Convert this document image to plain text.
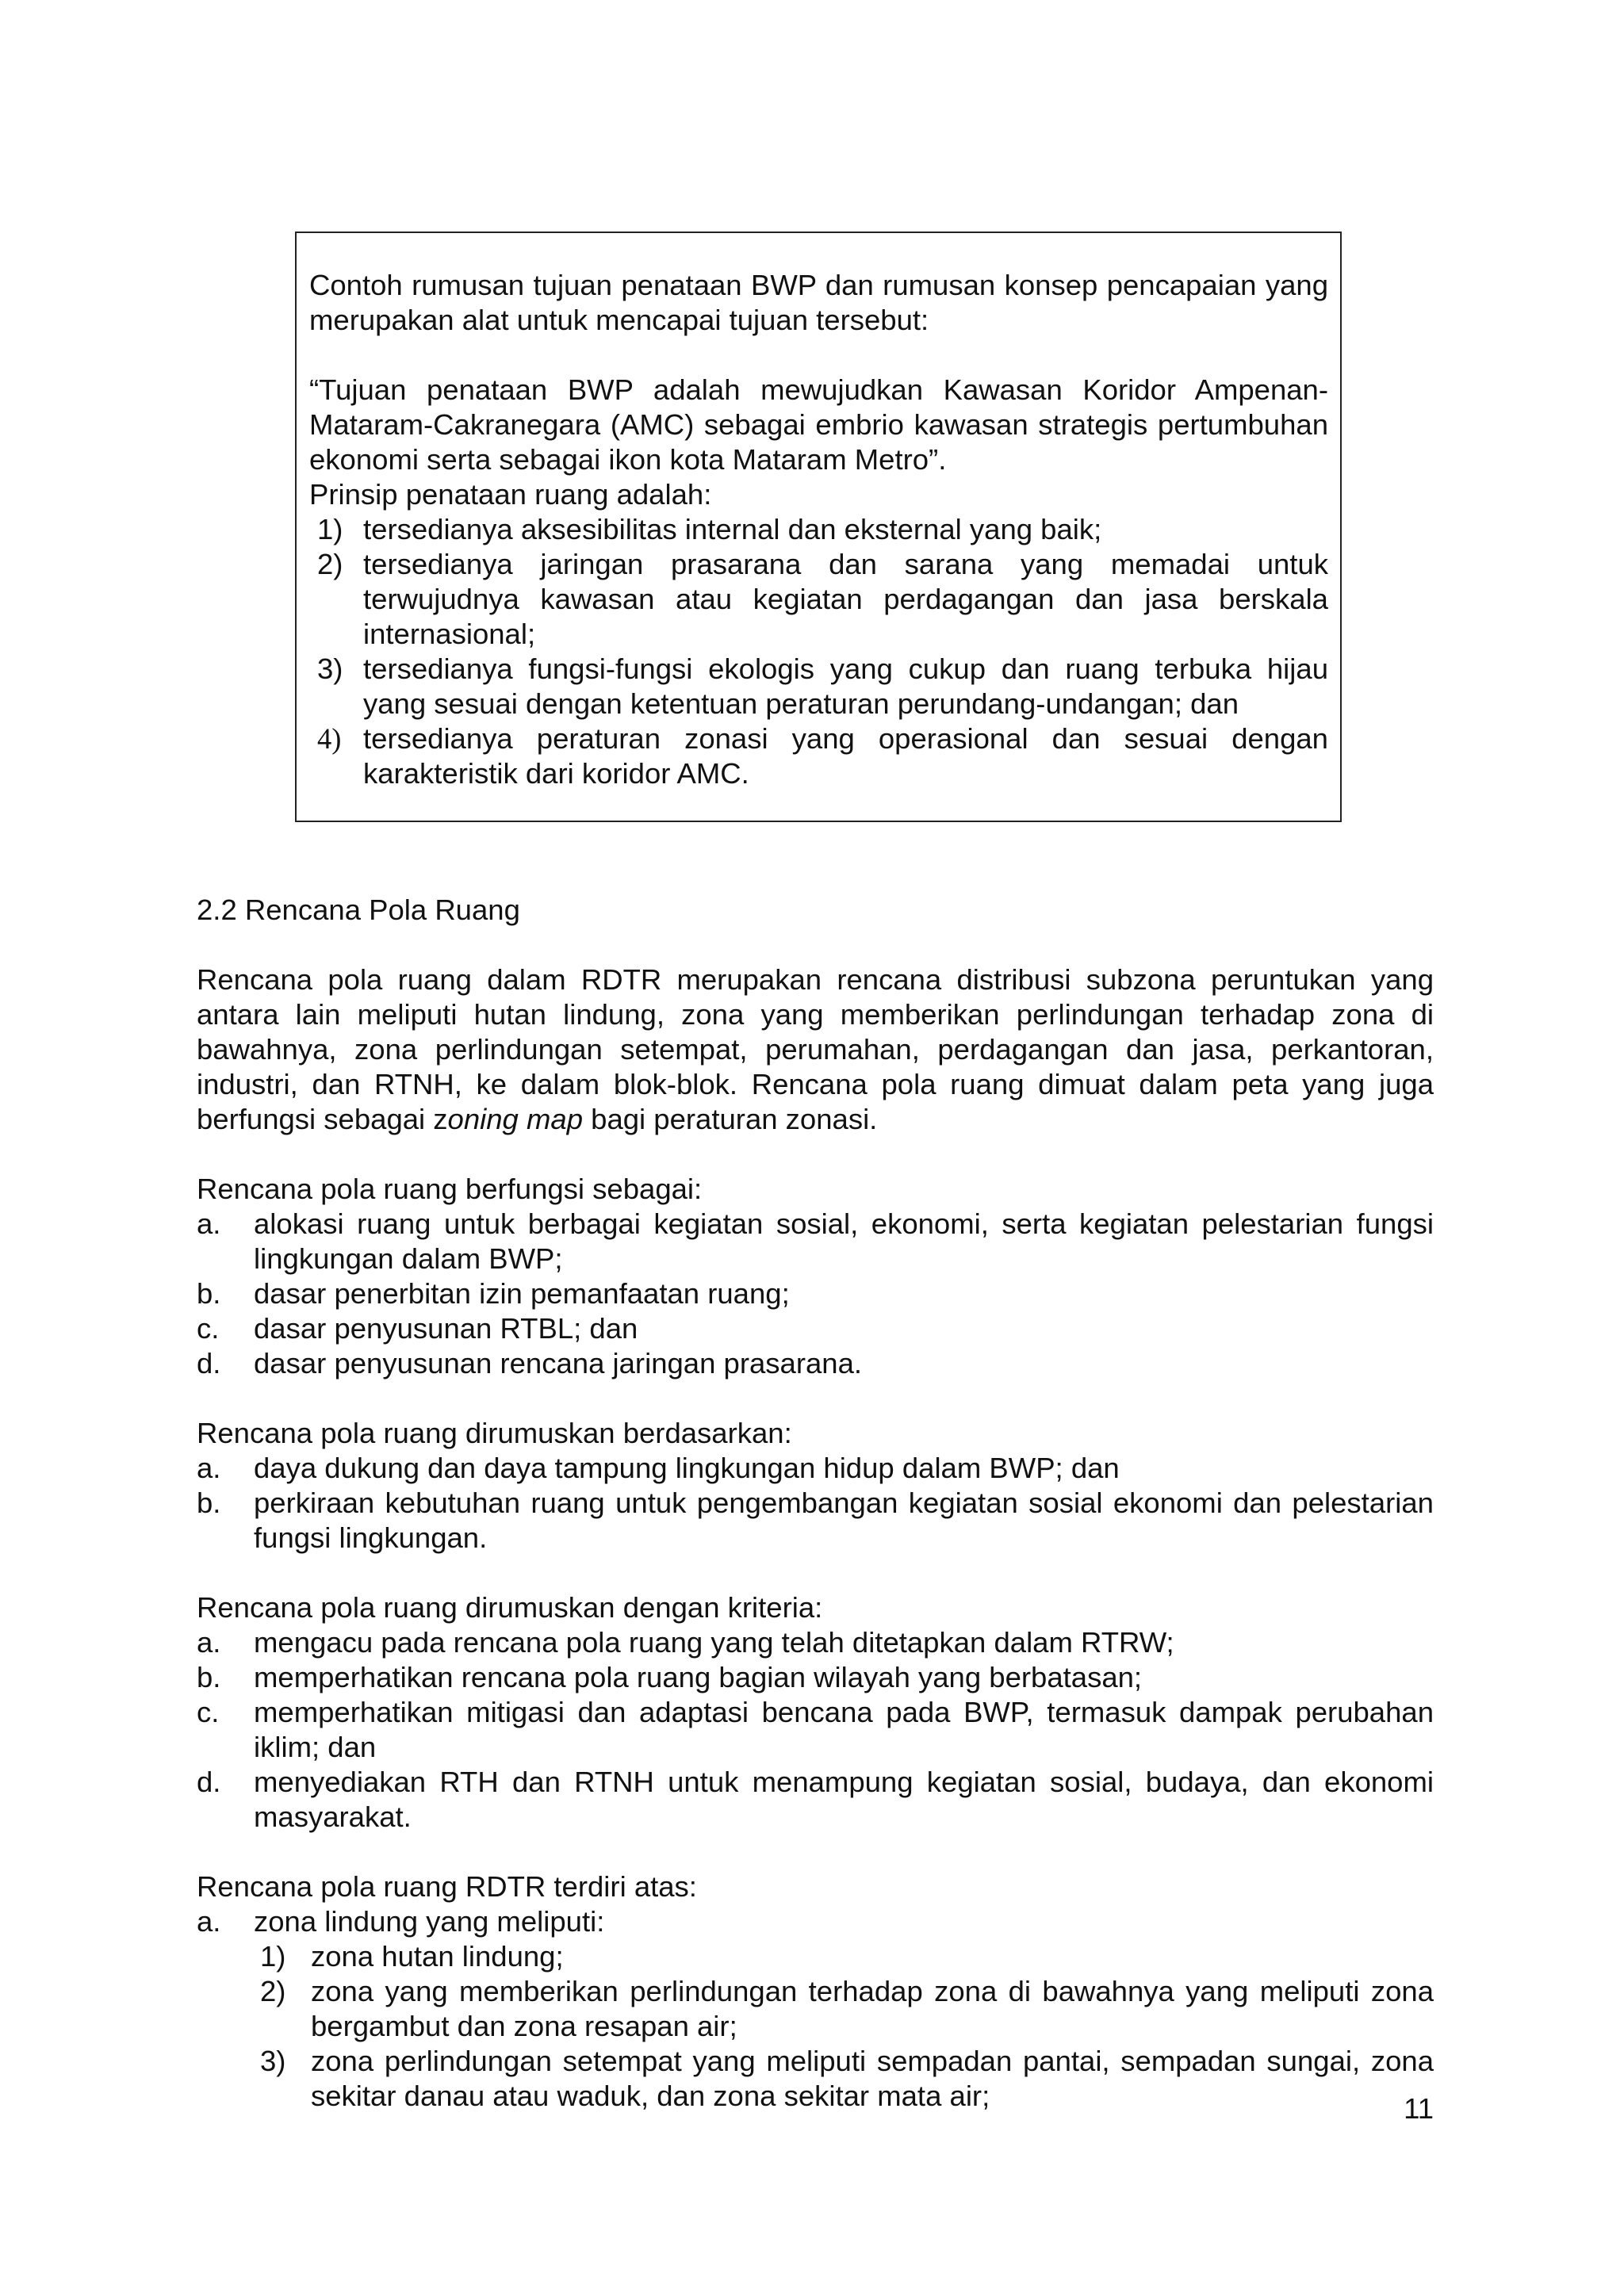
Contoh rumusan tujuan penataan BWP dan rumusan konsep pencapaian yang merupakan alat untuk mencapai tujuan tersebut:

“Tujuan penataan BWP adalah mewujudkan Kawasan Koridor Ampenan-Mataram-Cakranegara (AMC) sebagai embrio kawasan strategis pertumbuhan ekonomi serta sebagai ikon kota Mataram Metro”.

Prinsip penataan ruang adalah:

1) tersedianya aksesibilitas internal dan eksternal yang baik;
2) tersedianya jaringan prasarana dan sarana yang memadai untuk terwujudnya kawasan atau kegiatan perdagangan dan jasa berskala internasional;
3) tersedianya fungsi-fungsi ekologis yang cukup dan ruang terbuka hijau yang sesuai dengan ketentuan peraturan perundang-undangan; dan
4) tersedianya peraturan zonasi yang operasional dan sesuai dengan karakteristik dari koridor AMC.

2.2 Rencana Pola Ruang

Rencana pola ruang dalam RDTR merupakan rencana distribusi subzona peruntukan yang antara lain meliputi hutan lindung, zona yang memberikan perlindungan terhadap zona di bawahnya, zona perlindungan setempat, perumahan, perdagangan dan jasa, perkantoran, industri, dan RTNH, ke dalam blok-blok. Rencana pola ruang dimuat dalam peta yang juga berfungsi sebagai zoning map bagi peraturan zonasi.

Rencana pola ruang berfungsi sebagai:

a. alokasi ruang untuk berbagai kegiatan sosial, ekonomi, serta kegiatan pelestarian fungsi lingkungan dalam BWP;
b. dasar penerbitan izin pemanfaatan ruang;
c. dasar penyusunan RTBL; dan
d. dasar penyusunan rencana jaringan prasarana.

Rencana pola ruang dirumuskan berdasarkan:

a. daya dukung dan daya tampung lingkungan hidup dalam BWP; dan
b. perkiraan kebutuhan ruang untuk pengembangan kegiatan sosial ekonomi dan pelestarian fungsi lingkungan.

Rencana pola ruang dirumuskan dengan kriteria:

a. mengacu pada rencana pola ruang yang telah ditetapkan dalam RTRW;
b. memperhatikan rencana pola ruang bagian wilayah yang berbatasan;
c. memperhatikan mitigasi dan adaptasi bencana pada BWP, termasuk dampak perubahan iklim; dan
d. menyediakan RTH dan RTNH untuk menampung kegiatan sosial, budaya, dan ekonomi masyarakat.

Rencana pola ruang RDTR terdiri atas:

a. zona lindung yang meliputi:
1) zona hutan lindung;
2) zona yang memberikan perlindungan terhadap zona di bawahnya yang meliputi zona bergambut dan zona resapan air;
3) zona perlindungan setempat yang meliputi sempadan pantai, sempadan sungai, zona sekitar danau atau waduk, dan zona sekitar mata air;	11
